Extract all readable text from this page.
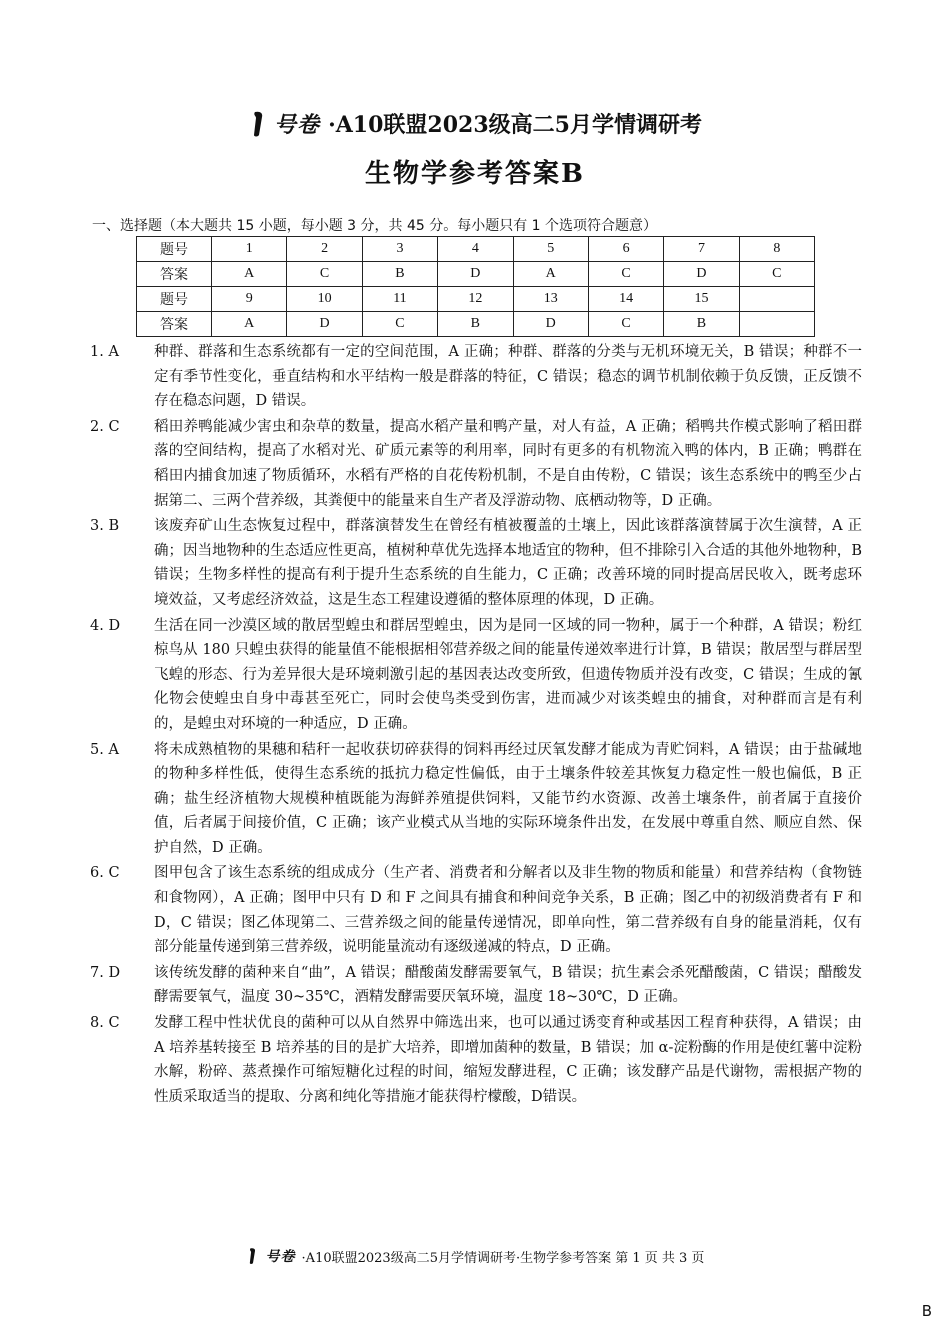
号卷 ·A10联盟2023级高二5月学情调研考
生物学参考答案B
一、选择题（本大题共 15 小题，每小题 3 分，共 45 分。每小题只有 1 个选项符合题意）
题号	1	2	3	4	5	6	7	8
答案	A	C	B	D	A	C	D	C
题号	9	10	11	12	13	14	15	
答案	A	D	C	B	D	C	B	
1. A	种群、群落和生态系统都有一定的空间范围，A 正确；种群、群落的分类与无机环境无关，B 错误；种群不一定有季节性变化，垂直结构和水平结构一般是群落的特征，C 错误；稳态的调节机制依赖于负反馈，正反馈不存在稳态问题，D 错误。

2. C	稻田养鸭能减少害虫和杂草的数量，提高水稻产量和鸭产量，对人有益，A 正确；稻鸭共作模式影响了稻田群落的空间结构，提高了水稻对光、矿质元素等的利用率，同时有更多的有机物流入鸭的体内，B 正确；鸭群在稻田内捕食加速了物质循环，水稻有严格的自花传粉机制，不是自由传粉，C 错误；该生态系统中的鸭至少占据第二、三两个营养级，其粪便中的能量来自生产者及浮游动物、底栖动物等，D 正确。

3. B	该废弃矿山生态恢复过程中，群落演替发生在曾经有植被覆盖的土壤上，因此该群落演替属于次生演替，A 正确；因当地物种的生态适应性更高，植树种草优先选择本地适宜的物种，但不排除引入合适的其他外地物种，B 错误；生物多样性的提高有利于提升生态系统的自生能力，C 正确；改善环境的同时提高居民收入，既考虑环境效益，又考虑经济效益，这是生态工程建设遵循的整体原理的体现，D 正确。

4. D	生活在同一沙漠区域的散居型蝗虫和群居型蝗虫，因为是同一区域的同一物种，属于一个种群，A 错误；粉红椋鸟从 180 只蝗虫获得的能量值不能根据相邻营养级之间的能量传递效率进行计算，B 错误；散居型与群居型飞蝗的形态、行为差异很大是环境刺激引起的基因表达改变所致，但遗传物质并没有改变，C 错误；生成的氰化物会使蝗虫自身中毒甚至死亡，同时会使鸟类受到伤害，进而减少对该类蝗虫的捕食，对种群而言是有利的，是蝗虫对环境的一种适应，D 正确。

5. A	将未成熟植物的果穗和秸秆一起收获切碎获得的饲料再经过厌氧发酵才能成为青贮饲料，A 错误；由于盐碱地的物种多样性低，使得生态系统的抵抗力稳定性偏低，由于土壤条件较差其恢复力稳定性一般也偏低，B 正确；盐生经济植物大规模种植既能为海鲜养殖提供饲料，又能节约水资源、改善土壤条件，前者属于直接价值，后者属于间接价值，C 正确；该产业模式从当地的实际环境条件出发，在发展中尊重自然、顺应自然、保护自然，D 正确。

6. C	图甲包含了该生态系统的组成成分（生产者、消费者和分解者以及非生物的物质和能量）和营养结构（食物链和食物网），A 正确；图甲中只有 D 和 F 之间具有捕食和种间竞争关系，B 正确；图乙中的初级消费者有 F 和 D，C 错误；图乙体现第二、三营养级之间的能量传递情况，即单向性，第二营养级有自身的能量消耗，仅有部分能量传递到第三营养级，说明能量流动有逐级递减的特点，D 正确。

7. D	该传统发酵的菌种来自“曲”，A 错误；醋酸菌发酵需要氧气，B 错误；抗生素会杀死醋酸菌，C 错误；醋酸发酵需要氧气，温度 30~35℃，酒精发酵需要厌氧环境，温度 18~30℃，D 正确。

8. C	发酵工程中性状优良的菌种可以从自然界中筛选出来，也可以通过诱变育种或基因工程育种获得，A 错误；由 A 培养基转接至 B 培养基的目的是扩大培养，即增加菌种的数量，B 错误；加 α-淀粉酶的作用是使红薯中淀粉水解，粉碎、蒸煮操作可缩短糖化过程的时间，缩短发酵进程，C 正确；该发酵产品是代谢物，需根据产物的性质采取适当的提取、分离和纯化等措施才能获得柠檬酸，D错误。

号卷 ·A10联盟2023级高二5月学情调研考·生物学参考答案 第 1 页 共 3 页
B
